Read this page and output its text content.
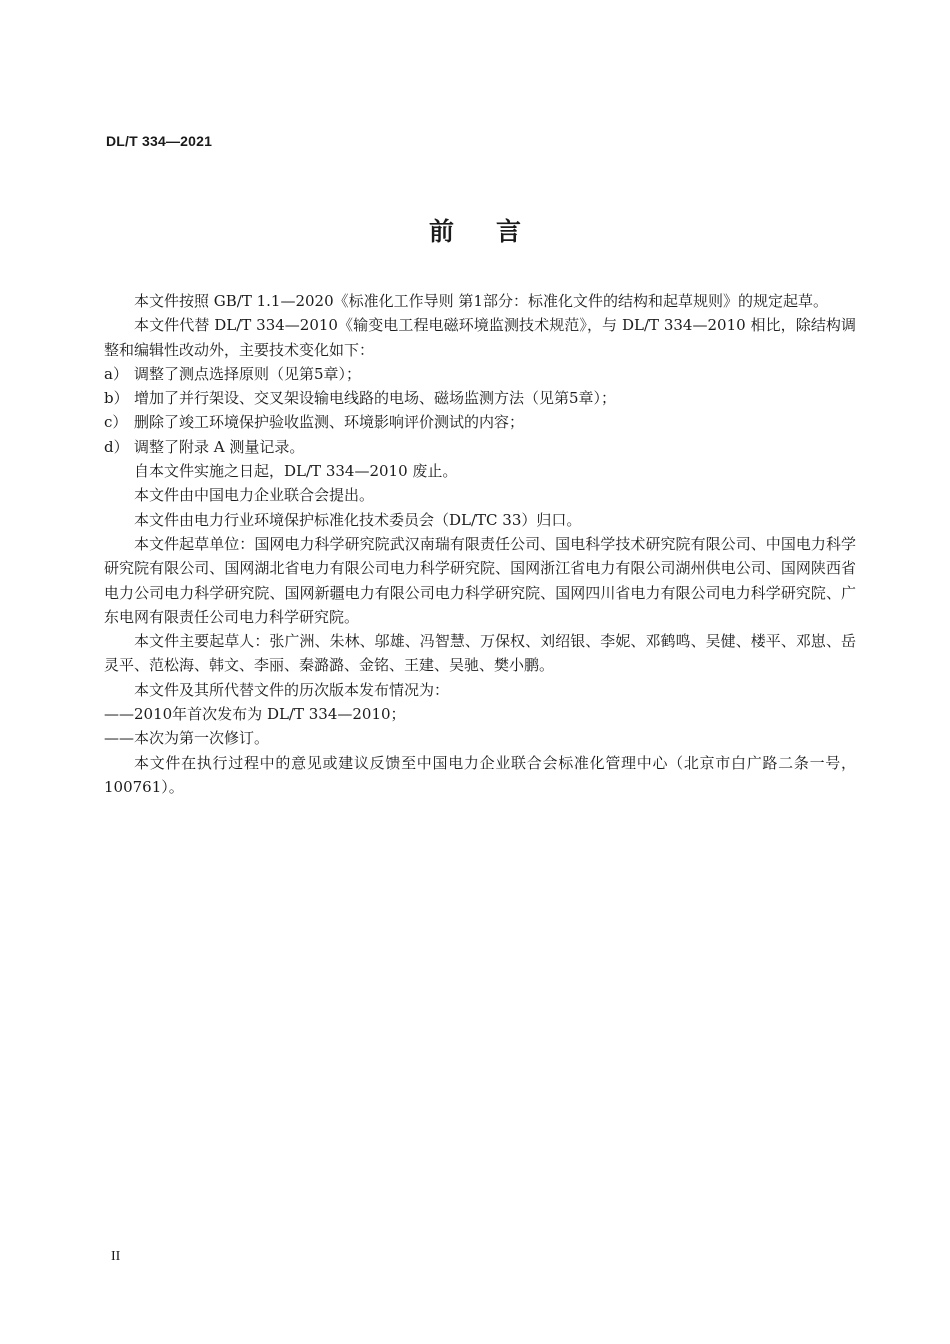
DL/T 334—2021
前言

本文件按照 GB/T 1.1—2020《标准化工作导则 第1部分：标准化文件的结构和起草规则》的规定起草。

本文件代替 DL/T 334—2010《输变电工程电磁环境监测技术规范》，与 DL/T 334—2010 相比，除结构调整和编辑性改动外，主要技术变化如下：

a） 调整了测点选择原则（见第5章）；

b） 增加了并行架设、交叉架设输电线路的电场、磁场监测方法（见第5章）；

c） 删除了竣工环境保护验收监测、环境影响评价测试的内容；

d） 调整了附录 A 测量记录。

自本文件实施之日起，DL/T 334—2010 废止。

本文件由中国电力企业联合会提出。

本文件由电力行业环境保护标准化技术委员会（DL/TC 33）归口。

本文件起草单位：国网电力科学研究院武汉南瑞有限责任公司、国电科学技术研究院有限公司、中国电力科学研究院有限公司、国网湖北省电力有限公司电力科学研究院、国网浙江省电力有限公司湖州供电公司、国网陕西省电力公司电力科学研究院、国网新疆电力有限公司电力科学研究院、国网四川省电力有限公司电力科学研究院、广东电网有限责任公司电力科学研究院。

本文件主要起草人：张广洲、朱林、邬雄、冯智慧、万保权、刘绍银、李妮、邓鹤鸣、吴健、楼平、邓崽、岳灵平、范松海、韩文、李丽、秦潞潞、金铭、王建、吴驰、樊小鹏。

本文件及其所代替文件的历次版本发布情况为：

——2010年首次发布为 DL/T 334—2010；

——本次为第一次修订。

本文件在执行过程中的意见或建议反馈至中国电力企业联合会标准化管理中心（北京市白广路二条一号，100761）。

II
